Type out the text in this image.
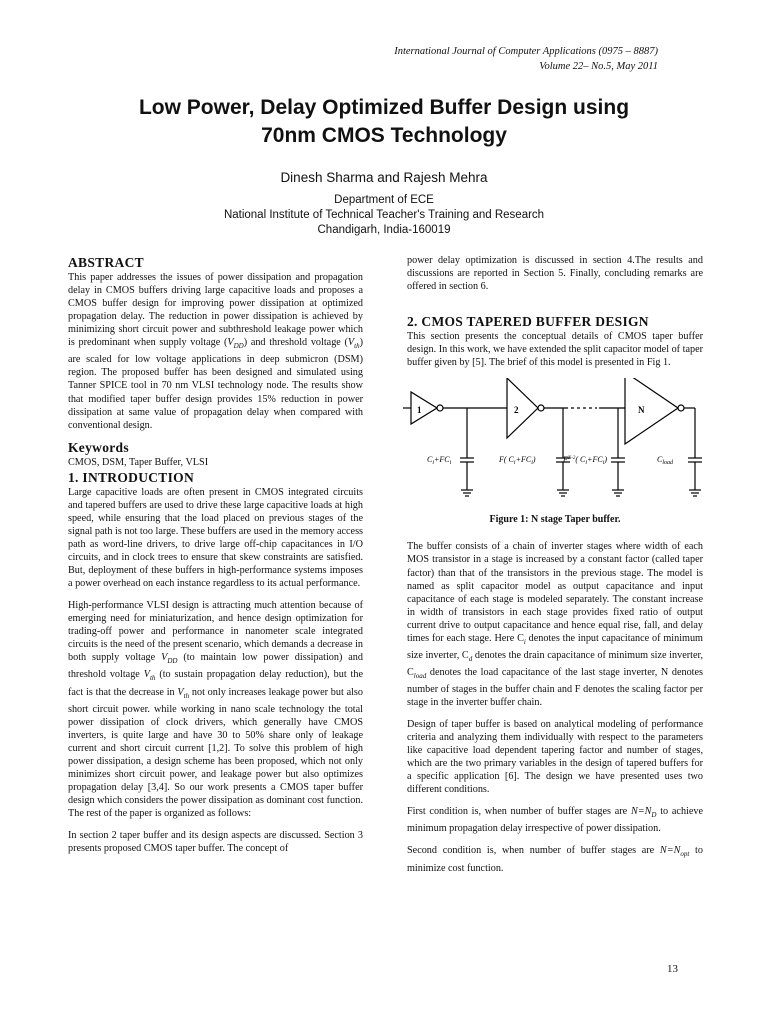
International Journal of Computer Applications (0975 – 8887)
Volume 22– No.5, May 2011
Low Power, Delay Optimized Buffer Design using
70nm CMOS Technology
Dinesh Sharma and Rajesh Mehra
Department of ECE
National Institute of Technical Teacher's Training and Research
Chandigarh, India-160019
ABSTRACT

This paper addresses the issues of power dissipation and propagation delay in CMOS buffers driving large capacitive loads and proposes a CMOS buffer design for improving power dissipation at optimized propagation delay. The reduction in power dissipation is achieved by minimizing short circuit power and subthreshold leakage power which is predominant when supply voltage $(V_{DD})$ and threshold voltage $(V_{th})$ are scaled for low voltage applications in deep submicron (DSM) region. The proposed buffer has been designed and simulated using Tanner SPICE tool in 70 nm VLSI technology node. The results show that modified taper buffer design provides 15% reduction in power dissipation at same value of propagation delay when compared with conventional design.

Keywords

CMOS, DSM, Taper Buffer, VLSI

1. INTRODUCTION

Large capacitive loads are often present in CMOS integrated circuits and tapered buffers are used to drive these large capacitive loads at high speed, while ensuring that the load placed on previous stages of the signal path is not too large. These buffers are used in the memory access path as word-line drivers, to drive large off-chip capacitances in I/O circuits, and in clock trees to ensure that skew constraints are satisfied. But, deployment of these buffers in high-performance systems imposes a power overhead on each instance regardless to its actual performance.

High-performance VLSI design is attracting much attention because of emerging need for miniaturization, and hence design optimization for trading-off power and performance in nanometer scale integrated circuits is the need of the present scenario, which demands a decrease in both supply voltage $V_{DD}$ (to maintain low power dissipation) and threshold voltage $V_{th}$ (to sustain propagation delay reduction), but the fact is that the decrease in $V_{th}$ not only increases leakage power but also short circuit power. while working in nano scale technology the total power dissipation of clock drivers, which generally have CMOS inverters, is quite large and have 30 to 50% share only of leakage current and short circuit current [1,2]. To solve this problem of high power dissipation, a design scheme has been proposed, which not only minimizes short circuit power, and leakage power but also optimizes propagation delay [3,4]. So our work presents a CMOS taper buffer design which considers the power dissipation as dominant cost function. The rest of the paper is organized as follows:

In section 2 taper buffer and its design aspects are discussed. Section 3 presents proposed CMOS taper buffer. The concept of

power delay optimization is discussed in section 4.The results and discussions are reported in Section 5. Finally, concluding remarks are offered in section 6.

2. CMOS TAPERED BUFFER DESIGN

This section presents the conceptual details of CMOS taper buffer design. In this work, we have extended the split capacitor model of taper buffer given by [5]. The brief of this model is presented in Fig 1.

1	2	N
$C_i+FC_i$	F( $C_i+FC_i$)	$F^{N-2}$( $C_i+FC_i$)	$C_{load}$
Figure 1: N stage Taper buffer.

The buffer consists of a chain of inverter stages where width of each MOS transistor in a stage is increased by a constant factor (called taper factor) than that of the transistors in the previous stage. The model is named as split capacitor model as output capacitance and input capacitance of each stage is modeled separately. The constant increase in width of transistors in each stage provides fixed ratio of output current drive to output capacitance and hence equal rise, fall, and delay times for each stage. Here $C_i$ denotes the input capacitance of minimum size inverter, $C_d$ denotes the drain capacitance of minimum size inverter, $C_{load}$ denotes the load capacitance of the last stage inverter, N denotes number of stages in the buffer chain and F denotes the scaling factor per stage in the inverter buffer chain.

Design of taper buffer is based on analytical modeling of performance criteria and analyzing them individually with respect to the parameters like capacitive load dependent tapering factor and number of stages, which are the two primary variables in the design of tapered buffers for a specific application [6]. The design we have presented uses two different conditions.

First condition is, when number of buffer stages are $N=N_D$ to achieve minimum propagation delay irrespective of power dissipation.

Second condition is, when number of buffer stages are $N=N_{opt}$ to minimize cost function.

13
